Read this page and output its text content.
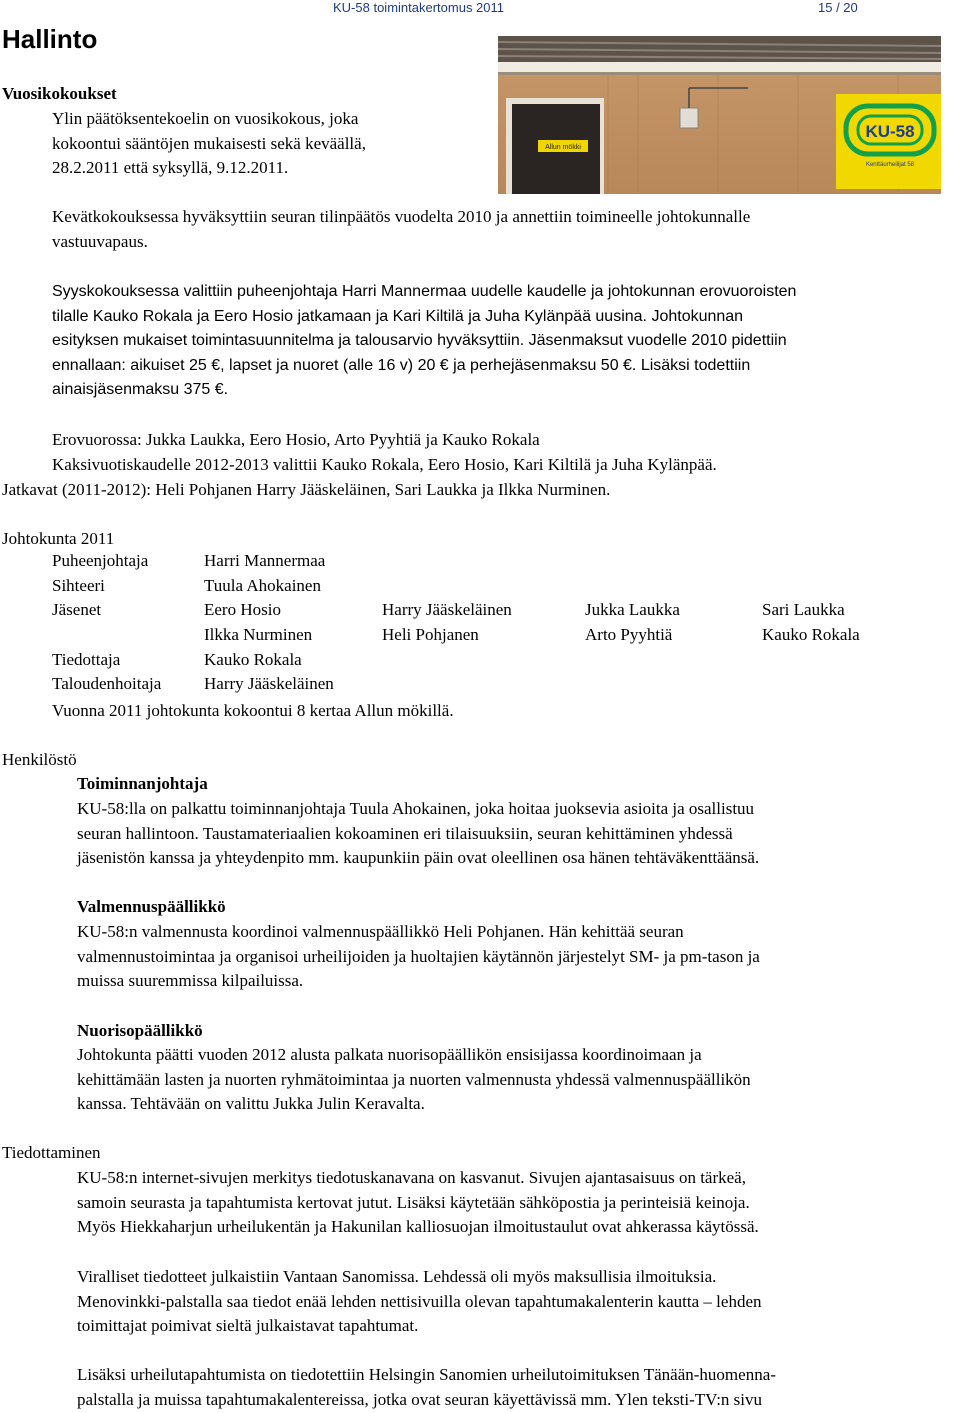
KU-58 toimintakertomus 2011	15 / 20
Hallinto
Vuosikokoukset
Ylin päätöksentekoelin on vuosikokous, joka
kokoontui sääntöjen mukaisesti sekä keväällä,
28.2.2011 että syksyllä, 9.12.2011.
Allun mökki
KU-58
Kenttäurheilijat 58
Kevätkokouksessa hyväksyttiin seuran tilinpäätös vuodelta 2010 ja annettiin toimineelle johtokunnalle
vastuuvapaus.
Syyskokouksessa valittiin puheenjohtaja Harri Mannermaa uudelle kaudelle ja johtokunnan erovuoroisten
tilalle Kauko Rokala ja Eero Hosio jatkamaan ja Kari Kiltilä ja Juha Kylänpää uusina. Johtokunnan
esityksen mukaiset toimintasuunnitelma ja talousarvio hyväksyttiin. Jäsenmaksut vuodelle 2010 pidettiin
ennallaan: aikuiset 25 €, lapset ja nuoret (alle 16 v) 20 € ja perhejäsenmaksu 50 €. Lisäksi todettiin
ainaisjäsenmaksu 375 €.
Erovuorossa: Jukka Laukka, Eero Hosio, Arto Pyyhtiä ja Kauko Rokala
Kaksivuotiskaudelle 2012-2013 valittii Kauko Rokala, Eero Hosio, Kari Kiltilä ja Juha Kylänpää.
Jatkavat (2011-2012): Heli Pohjanen Harry Jääskeläinen, Sari Laukka ja Ilkka Nurminen.
Johtokunta 2011
Puheenjohtaja	Harri Mannermaa			
Sihteeri	Tuula Ahokainen			
Jäsenet	Eero Hosio	Harry Jääskeläinen	Jukka Laukka	Sari Laukka
	Ilkka Nurminen	Heli Pohjanen	Arto Pyyhtiä	Kauko Rokala
Tiedottaja	Kauko Rokala			
Taloudenhoitaja	Harry Jääskeläinen			
Vuonna 2011 johtokunta kokoontui 8 kertaa Allun mökillä.
Henkilöstö
Toiminnanjohtaja
KU-58:lla on palkattu toiminnanjohtaja Tuula Ahokainen, joka hoitaa juoksevia asioita ja osallistuu
seuran hallintoon. Taustamateriaalien kokoaminen eri tilaisuuksiin, seuran kehittäminen yhdessä
jäsenistön kanssa ja yhteydenpito mm. kaupunkiin päin ovat oleellinen osa hänen tehtäväkenttäänsä.
Valmennuspäällikkö
KU-58:n valmennusta koordinoi valmennuspäällikkö Heli Pohjanen. Hän kehittää seuran
valmennustoimintaa ja organisoi urheilijoiden ja huoltajien käytännön järjestelyt SM- ja pm-tason ja
muissa suuremmissa kilpailuissa.
Nuorisopäällikkö
Johtokunta päätti vuoden 2012 alusta palkata nuorisopäällikön ensisijassa koordinoimaan ja
kehittämään lasten ja nuorten ryhmätoimintaa ja nuorten valmennusta yhdessä valmennuspäällikön
kanssa. Tehtävään on valittu Jukka Julin Keravalta.
Tiedottaminen
KU-58:n internet-sivujen merkitys tiedotuskanavana on kasvanut. Sivujen ajantasaisuus on tärkeä,
samoin seurasta ja tapahtumista kertovat jutut. Lisäksi käytetään sähköpostia ja perinteisiä keinoja.
Myös Hiekkaharjun urheilukentän ja Hakunilan kalliosuojan ilmoitustaulut ovat ahkerassa käytössä.
Viralliset tiedotteet julkaistiin Vantaan Sanomissa. Lehdessä oli myös maksullisia ilmoituksia.
Menovinkki-palstalla saa tiedot enää lehden nettisivuilla olevan tapahtumakalenterin kautta – lehden
toimittajat poimivat sieltä julkaistavat tapahtumat.
Lisäksi urheilutapahtumista on tiedotettiin Helsingin Sanomien urheilutoimituksen Tänään-huomenna-
palstalla ja muissa tapahtumakalentereissa, jotka ovat seuran käyettävissä mm. Ylen teksti-TV:n sivu
